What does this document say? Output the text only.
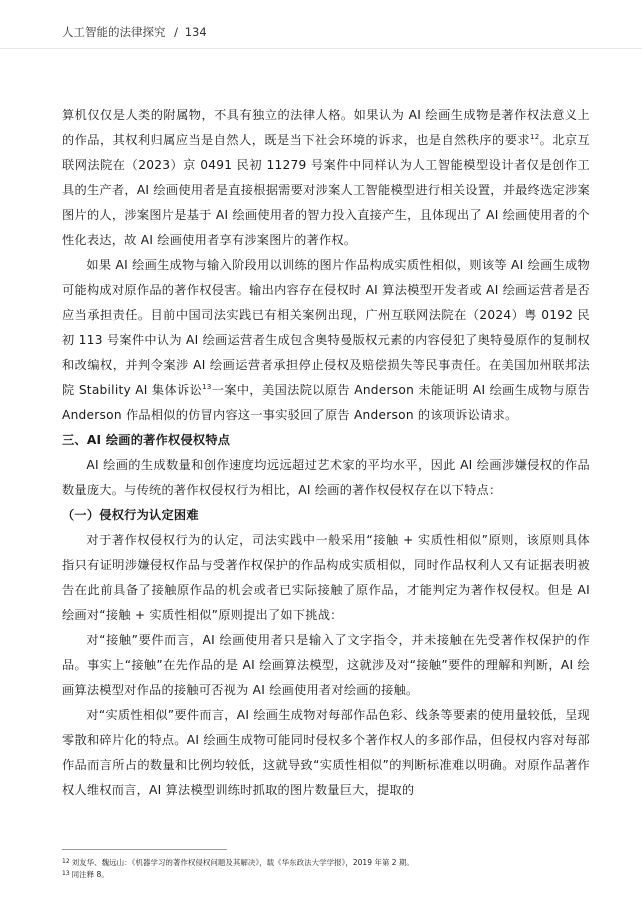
人工智能的法律探究 / 134

算机仅仅是人类的附属物，不具有独立的法律人格。如果认为 AI 绘画生成物是著作权法意义上的作品，其权利归属应当是自然人，既是当下社会环境的诉求，也是自然秩序的要求$^{12}$。北京互联网法院在（2023）京 0491 民初 11279 号案件中同样认为人工智能模型设计者仅是创作工具的生产者，AI 绘画使用者是直接根据需要对涉案人工智能模型进行相关设置，并最终选定涉案图片的人，涉案图片是基于 AI 绘画使用者的智力投入直接产生，且体现出了 AI 绘画使用者的个性化表达，故 AI 绘画使用者享有涉案图片的著作权。

如果 AI 绘画生成物与输入阶段用以训练的图片作品构成实质性相似，则该等 AI 绘画生成物可能构成对原作品的著作权侵害。输出内容存在侵权时 AI 算法模型开发者或 AI 绘画运营者是否应当承担责任。目前中国司法实践已有相关案例出现，广州互联网法院在（2024）粤 0192 民初 113 号案件中认为 AI 绘画运营者生成包含奥特曼版权元素的内容侵犯了奥特曼原作的复制权和改编权，并判令案涉 AI 绘画运营者承担停止侵权及赔偿损失等民事责任。在美国加州联邦法院 Stability AI 集体诉讼$^{13}$一案中，美国法院以原告 Anderson 未能证明 AI 绘画生成物与原告 Anderson 作品相似的仿冒内容这一事实驳回了原告 Anderson 的该项诉讼请求。

三、AI 绘画的著作权侵权特点

AI 绘画的生成数量和创作速度均远远超过艺术家的平均水平，因此 AI 绘画涉嫌侵权的作品数量庞大。与传统的著作权侵权行为相比，AI 绘画的著作权侵权存在以下特点：

（一）侵权行为认定困难

对于著作权侵权行为的认定，司法实践中一般采用“接触 + 实质性相似”原则，该原则具体指只有证明涉嫌侵权作品与受著作权保护的作品构成实质相似，同时作品权利人又有证据表明被告在此前具备了接触原作品的机会或者已实际接触了原作品，才能判定为著作权侵权。但是 AI 绘画对“接触 + 实质性相似”原则提出了如下挑战：

对“接触”要件而言，AI 绘画使用者只是输入了文字指令，并未接触在先受著作权保护的作品。事实上“接触”在先作品的是 AI 绘画算法模型，这就涉及对“接触”要件的理解和判断，AI 绘画算法模型对作品的接触可否视为 AI 绘画使用者对绘画的接触。

对“实质性相似”要件而言，AI 绘画生成物对每部作品色彩、线条等要素的使用量较低，呈现零散和碎片化的特点。AI 绘画生成物可能同时侵权多个著作权人的多部作品，但侵权内容对每部作品而言所占的数量和比例均较低，这就导致“实质性相似”的判断标准难以明确。对原作品著作权人维权而言，AI 算法模型训练时抓取的图片数量巨大，提取的

$^{12}$ 刘友华、魏远山：《机器学习的著作权侵权问题及其解决》，载《华东政法大学学报》，2019 年第 2 期。
$^{13}$ 同注释 8。
